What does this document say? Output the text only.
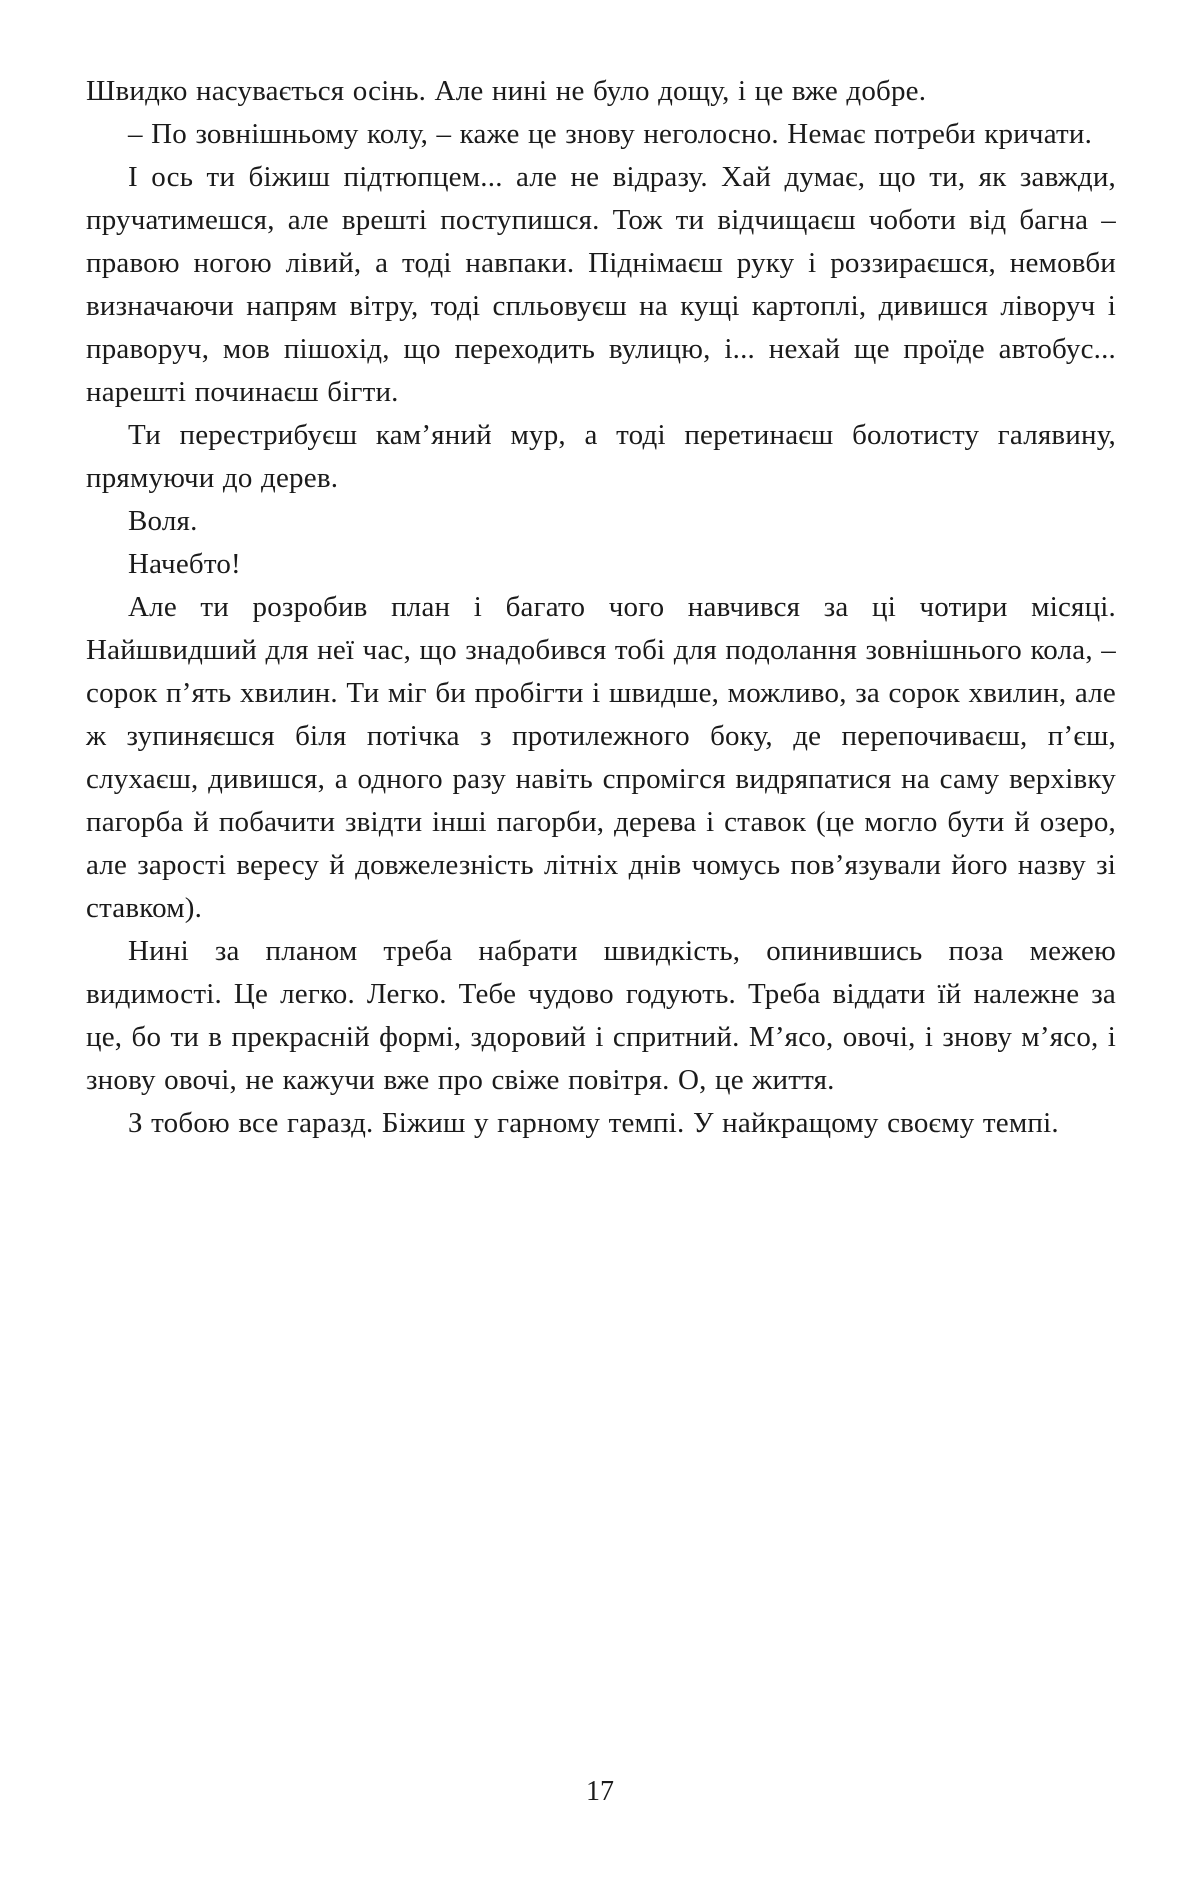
Швидко насувається осінь. Але нині не було дощу, і це вже добре.

– По зовнішньому колу, – каже це знову неголосно. Немає потреби кричати.

І ось ти біжиш підтюпцем... але не відразу. Хай думає, що ти, як завжди, пручатимешся, але врешті поступишся. Тож ти відчищаєш чоботи від багна – правою ногою лівий, а тоді навпаки. Піднімаєш руку і роззираєшся, немовби визначаючи напрям вітру, тоді спльовуєш на кущі картоплі, дивишся ліворуч і праворуч, мов пішохід, що переходить вулицю, і... нехай ще проїде автобус... нарешті починаєш бігти.

Ти перестрибуєш кам’яний мур, а тоді перетинаєш болотисту галявину, прямуючи до дерев.

Воля.

Начебто!

Але ти розробив план і багато чого навчився за ці чотири місяці. Найшвидший для неї час, що знадобився тобі для подолання зовнішнього кола, – сорок п’ять хвилин. Ти міг би пробігти і швидше, можливо, за сорок хвилин, але ж зупиняєшся біля потічка з протилежного боку, де перепочиваєш, п’єш, слухаєш, дивишся, а одного разу навіть спромігся видряпатися на саму верхівку пагорба й побачити звідти інші пагорби, дерева і ставок (це могло бути й озеро, але зарості вересу й довжелезність літніх днів чомусь пов’язували його назву зі ставком).

Нині за планом треба набрати швидкість, опинившись поза межею видимості. Це легко. Легко. Тебе чудово годують. Треба віддати їй належне за це, бо ти в прекрасній формі, здоровий і спритний. М’ясо, овочі, і знову м’ясо, і знову овочі, не кажучи вже про свіже повітря. О, це життя.

З тобою все гаразд. Біжиш у гарному темпі. У найкращому своєму темпі.

17
